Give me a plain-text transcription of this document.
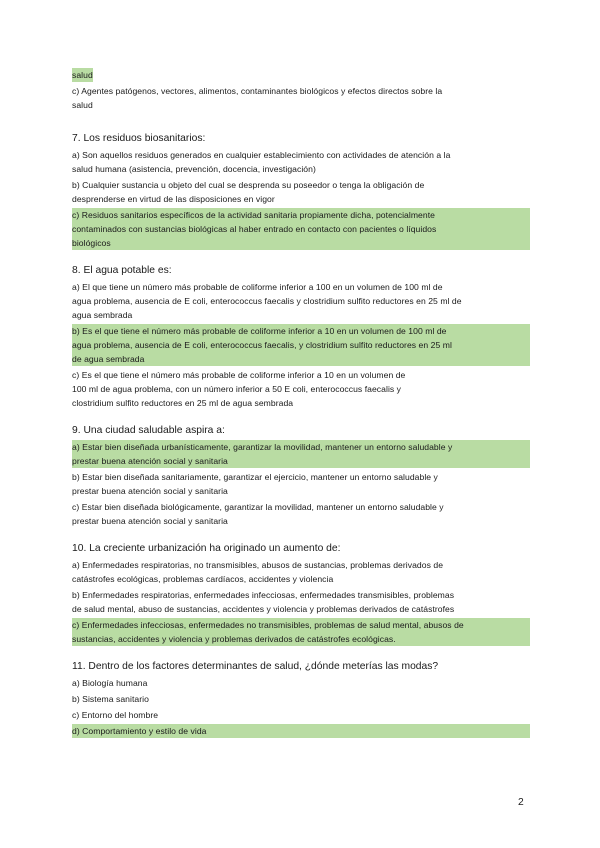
salud
c) Agentes patógenos, vectores, alimentos, contaminantes biológicos y efectos directos sobre la
salud
7. Los residuos biosanitarios:
a) Son aquellos residuos generados en cualquier establecimiento con actividades de atención a la
salud humana (asistencia, prevención, docencia, investigación)
b) Cualquier sustancia u objeto del cual se desprenda su poseedor o tenga la obligación de
desprenderse en virtud de las disposiciones en vigor
c) Residuos sanitarios específicos de la actividad sanitaria propiamente dicha, potencialmente
contaminados con sustancias biológicas al haber entrado en contacto con pacientes o líquidos
biológicos
8. El agua potable es:
a) El que tiene un número más probable de coliforme inferior a 100 en un volumen de 100 ml de
agua problema, ausencia de E coli, enterococcus faecalis y clostridium sulfito reductores en 25 ml de
agua sembrada
b) Es el que tiene el número más probable de coliforme inferior a 10 en un volumen de 100 ml de
agua problema, ausencia de E coli, enterococcus faecalis, y clostridium sulfito reductores en 25 ml
de agua sembrada
c) Es el que tiene el número más probable de coliforme inferior a 10 en un volumen de
100 ml de agua problema, con un número inferior a 50 E coli, enterococcus faecalis y
clostridium sulfito reductores en 25 ml de agua sembrada
9. Una ciudad saludable aspira a:
a) Estar bien diseñada urbanísticamente, garantizar la movilidad, mantener un entorno saludable y
prestar buena atención social y sanitaria
b) Estar bien diseñada sanitariamente, garantizar el ejercicio, mantener un entorno saludable y
prestar buena atención social y sanitaria
c) Estar bien diseñada biológicamente, garantizar la movilidad, mantener un entorno saludable y
prestar buena atención social y sanitaria
10. La creciente urbanización ha originado un aumento de:
a) Enfermedades respiratorias, no transmisibles, abusos de sustancias, problemas derivados de
catástrofes ecológicas, problemas cardíacos, accidentes y violencia
b) Enfermedades respiratorias, enfermedades infecciosas, enfermedades transmisibles, problemas
de salud mental, abuso de sustancias, accidentes y violencia y problemas derivados de catástrofes
c) Enfermedades infecciosas, enfermedades no transmisibles, problemas de salud mental, abusos de
sustancias, accidentes y violencia y problemas derivados de catástrofes ecológicas.
11. Dentro de los factores determinantes de salud, ¿dónde meterías las modas?
a) Biología humana
b) Sistema sanitario
c) Entorno del hombre
d) Comportamiento y estilo de vida
2
